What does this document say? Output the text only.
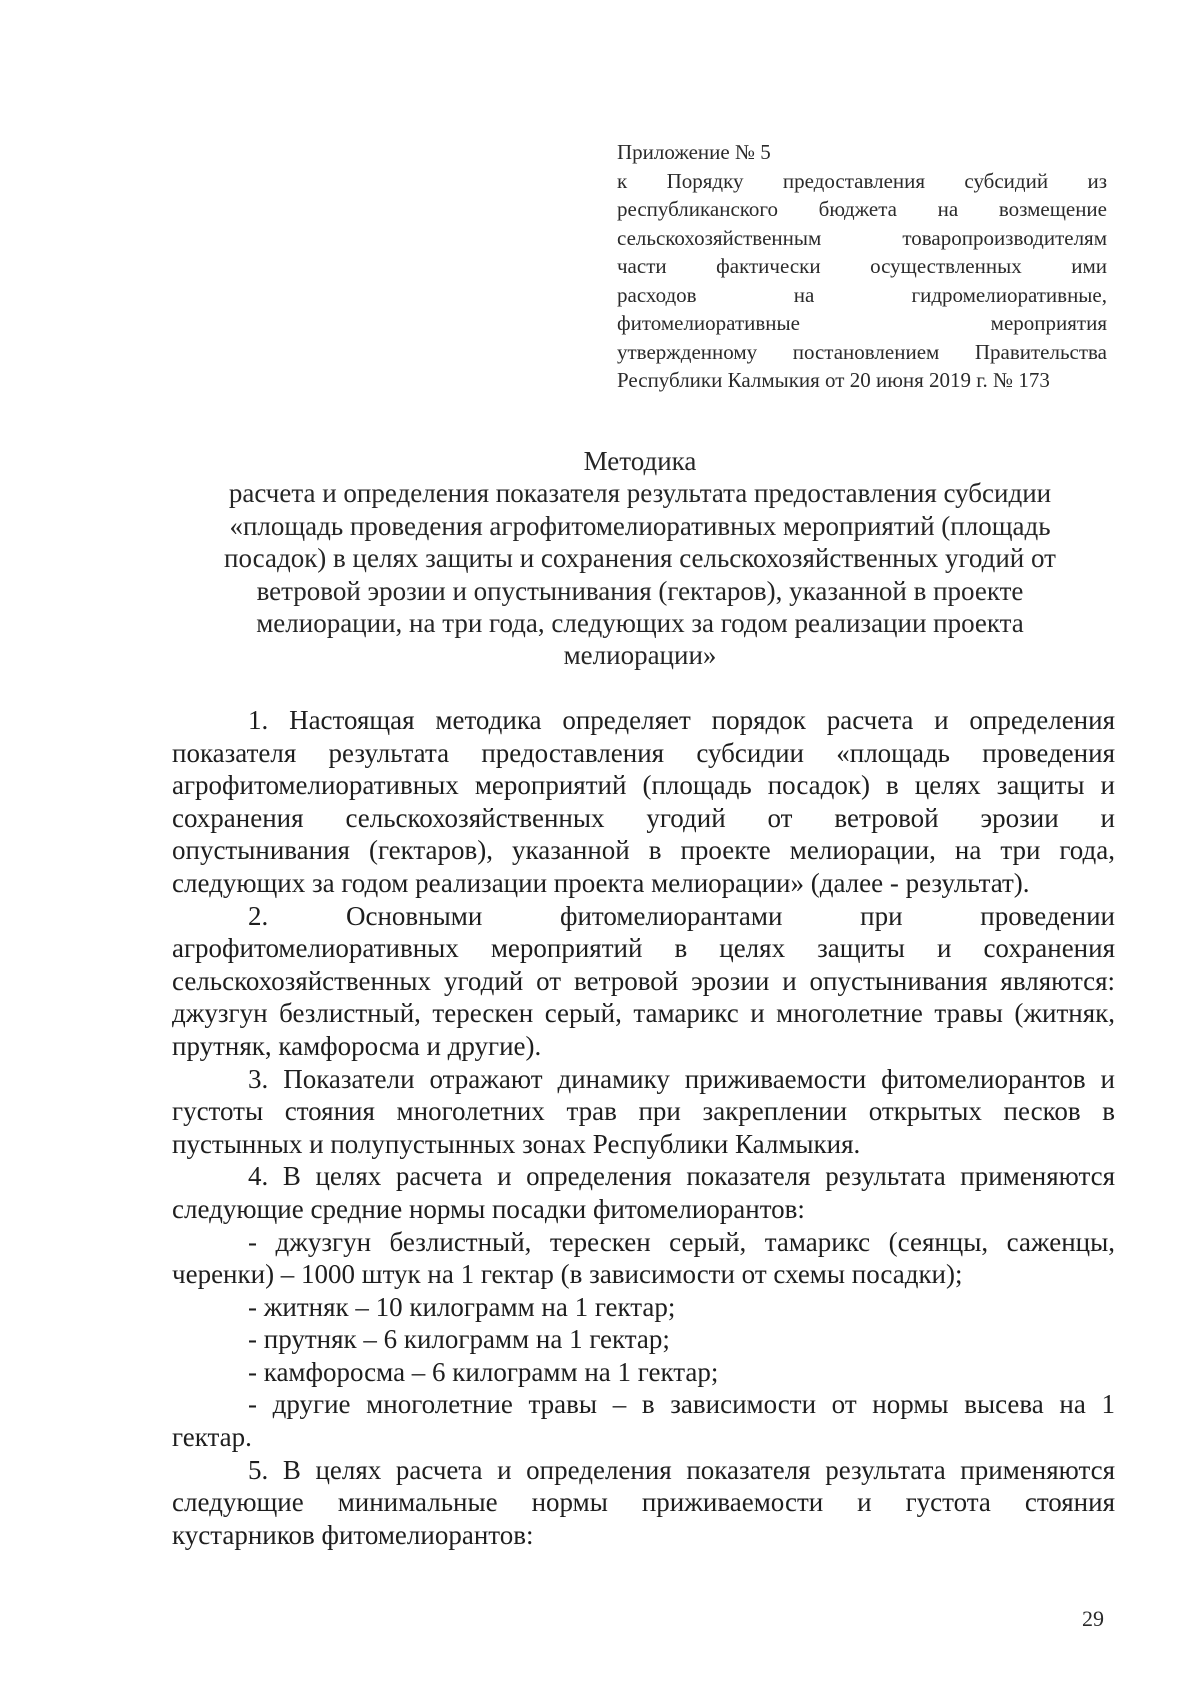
Приложение № 5
к Порядку предоставления субсидий из
республиканского бюджета на возмещение
сельскохозяйственным товаропроизводителям
части фактически осуществленных ими
расходов на гидромелиоративные,
фитомелиоративные мероприятия
утвержденному постановлением Правительства
Республики Калмыкия от 20 июня 2019 г. № 173
Методика
расчета и определения показателя результата предоставления субсидии
«площадь проведения агрофитомелиоративных мероприятий (площадь
посадок) в целях защиты и сохранения сельскохозяйственных угодий от
ветровой эрозии и опустынивания (гектаров), указанной в проекте
мелиорации, на три года, следующих за годом реализации проекта
мелиорации»
1. Настоящая методика определяет порядок расчета и определения
показателя результата предоставления субсидии «площадь проведения
агрофитомелиоративных мероприятий (площадь посадок) в целях защиты и
сохранения сельскохозяйственных угодий от ветровой эрозии и
опустынивания (гектаров), указанной в проекте мелиорации, на три года,
следующих за годом реализации проекта мелиорации» (далее - результат).
2. Основными фитомелиорантами при проведении
агрофитомелиоративных мероприятий в целях защиты и сохранения
сельскохозяйственных угодий от ветровой эрозии и опустынивания являются:
джузгун безлистный, терескен серый, тамарикс и многолетние травы (житняк,
прутняк, камфоросма и другие).
3. Показатели отражают динамику приживаемости фитомелиорантов и
густоты стояния многолетних трав при закреплении открытых песков в
пустынных и полупустынных зонах Республики Калмыкия.
4. В целях расчета и определения показателя результата применяются
следующие средние нормы посадки фитомелиорантов:
- джузгун безлистный, терескен серый, тамарикс (сеянцы, саженцы,
черенки) – 1000 штук на 1 гектар (в зависимости от схемы посадки);
- житняк – 10 килограмм на 1 гектар;
- прутняк – 6 килограмм на 1 гектар;
- камфоросма – 6 килограмм на 1 гектар;
- другие многолетние травы – в зависимости от нормы высева на 1
гектар.
5. В целях расчета и определения показателя результата применяются
следующие минимальные нормы приживаемости и густота стояния
кустарников фитомелиорантов:
29
